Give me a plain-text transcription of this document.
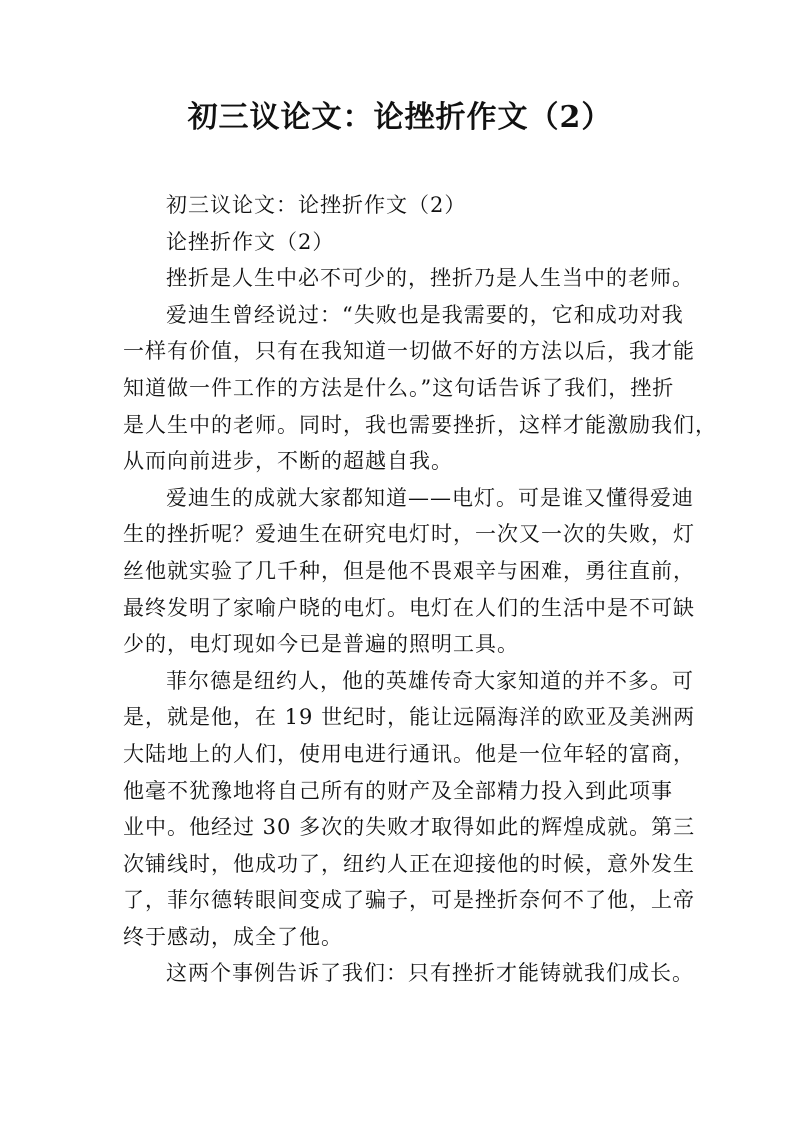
初三议论文：论挫折作文（2）
初三议论文：论挫折作文（2）
论挫折作文（2）
挫折是人生中必不可少的，挫折乃是人生当中的老师。
爱迪生曾经说过：“失败也是我需要的，它和成功对我
一样有价值，只有在我知道一切做不好的方法以后，我才能
知道做一件工作的方法是什么。”这句话告诉了我们，挫折
是人生中的老师。同时，我也需要挫折，这样才能激励我们，
从而向前进步，不断的超越自我。
爱迪生的成就大家都知道——电灯。可是谁又懂得爱迪
生的挫折呢？爱迪生在研究电灯时，一次又一次的失败，灯
丝他就实验了几千种，但是他不畏艰辛与困难，勇往直前，
最终发明了家喻户晓的电灯。电灯在人们的生活中是不可缺
少的，电灯现如今已是普遍的照明工具。
菲尔德是纽约人，他的英雄传奇大家知道的并不多。可
是，就是他，在 19 世纪时，能让远隔海洋的欧亚及美洲两
大陆地上的人们，使用电进行通讯。他是一位年轻的富商，
他毫不犹豫地将自己所有的财产及全部精力投入到此项事
业中。他经过 30 多次的失败才取得如此的辉煌成就。第三
次铺线时，他成功了，纽约人正在迎接他的时候，意外发生
了，菲尔德转眼间变成了骗子，可是挫折奈何不了他，上帝
终于感动，成全了他。
这两个事例告诉了我们：只有挫折才能铸就我们成长。
